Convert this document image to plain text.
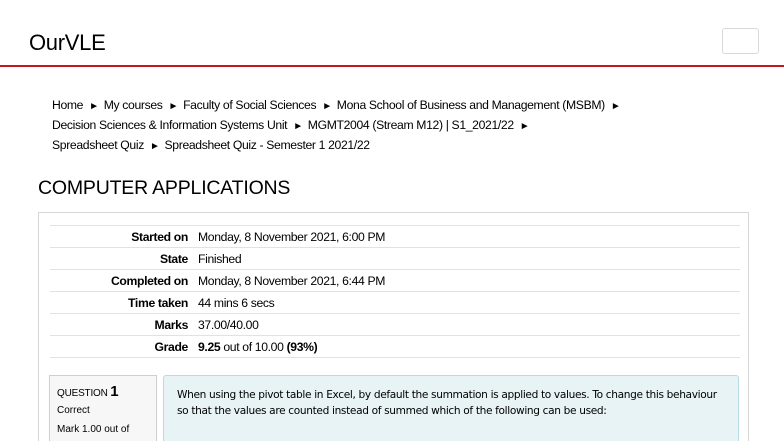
OurVLE
Home ► My courses ► Faculty of Social Sciences ► Mona School of Business and Management (MSBM) ►
Decision Sciences & Information Systems Unit ► MGMT2004 (Stream M12) | S1_2021/22 ►
Spreadsheet Quiz ► Spreadsheet Quiz - Semester 1 2021/22
COMPUTER APPLICATIONS
Started on	Monday, 8 November 2021, 6:00 PM
State	Finished
Completed on	Monday, 8 November 2021, 6:44 PM
Time taken	44 mins 6 secs
Marks	37.00/40.00
Grade	9.25 out of 10.00 (93%)
QUESTION 1
Correct
Mark 1.00 out of
When using the pivot table in Excel, by default the summation is applied to values. To change this behaviour so that the values are counted instead of summed which of the following can be used:
